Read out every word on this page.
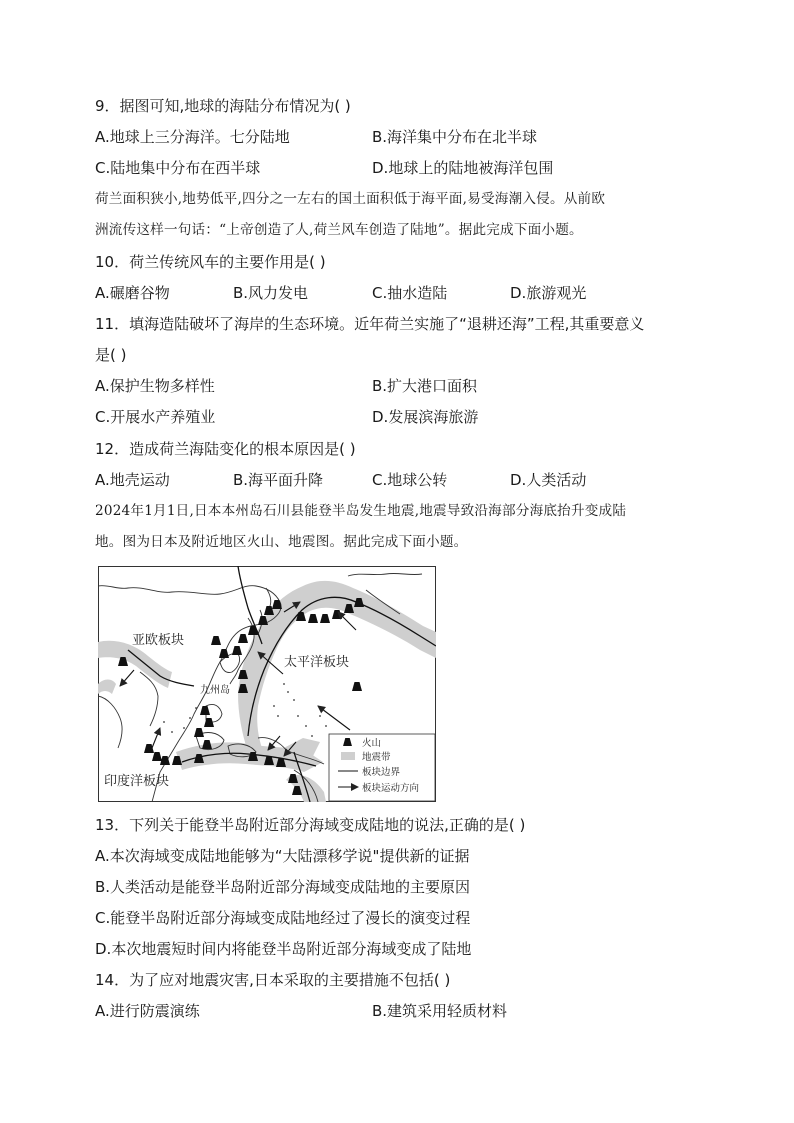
9．据图可知,地球的海陆分布情况为( )
A.地球上三分海洋。七分陆地	B.海洋集中分布在北半球
C.陆地集中分布在西半球	D.地球上的陆地被海洋包围
荷兰面积狭小,地势低平,四分之一左右的国土面积低于海平面,易受海潮入侵。从前欧
洲流传这样一句话：“上帝创造了人,荷兰风车创造了陆地”。据此完成下面小题。
10．荷兰传统风车的主要作用是( )
A.碾磨谷物	B.风力发电	C.抽水造陆	D.旅游观光
11．填海造陆破坏了海岸的生态环境。近年荷兰实施了“退耕还海”工程,其重要意义
是( )
A.保护生物多样性	B.扩大港口面积
C.开展水产养殖业	D.发展滨海旅游
12．造成荷兰海陆变化的根本原因是( )
A.地壳运动	B.海平面升降	C.地球公转	D.人类活动
2024年1月1日,日本本州岛石川县能登半岛发生地震,地震导致沿海部分海底抬升变成陆
地。图为日本及附近地区火山、地震图。据此完成下面小题。
亚欧板块
太平洋板块
九州岛
印度洋板块
火山
地震带
板块边界
板块运动方向
13．下列关于能登半岛附近部分海域变成陆地的说法,正确的是( )
A.本次海域变成陆地能够为“大陆漂移学说"提供新的证据
B.人类活动是能登半岛附近部分海域变成陆地的主要原因
C.能登半岛附近部分海域变成陆地经过了漫长的演变过程
D.本次地震短时间内将能登半岛附近部分海域变成了陆地
14．为了应对地震灾害,日本采取的主要措施不包括( )
A.进行防震演练	B.建筑采用轻质材料
